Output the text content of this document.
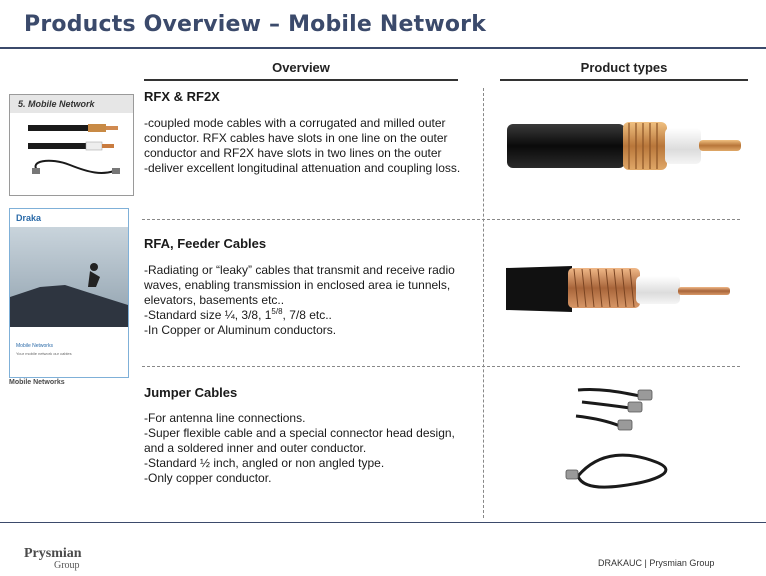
Products Overview – Mobile Network
Overview	Product types
5. Mobile Network
Draka
Mobile Networks
Your mobile network our cables
Mobile Networks
RFX & RF2X

-coupled mode cables with a corrugated and milled outer conductor. RFX cables have slots in one line on the outer conductor and RF2X have slots in two lines on the outer

-deliver excellent longitudinal attenuation and coupling loss.

RFA, Feeder Cables

-Radiating or “leaky” cables that transmit and receive radio waves, enabling transmission in enclosed area ie tunnels, elevators, basements etc..

-Standard size ¼, 3/8, $1^{5/8}$, 7/8 etc..

-In Copper or Aluminum conductors.

Jumper Cables

-For antenna line connections.

-Super flexible cable and a special connector head design, and a soldered inner and outer conductor.

-Standard ½ inch, angled or non angled type.

-Only copper conductor.

Prysmian
Group	DRAKAUC | Prysmian Group
